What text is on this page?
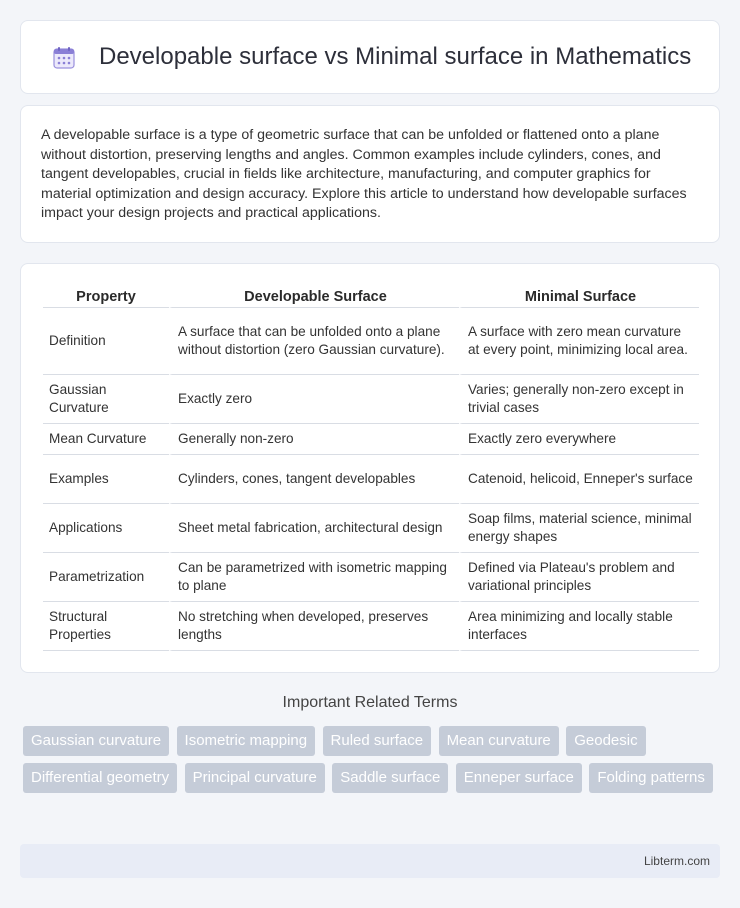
Developable surface vs Minimal surface in Mathematics

A developable surface is a type of geometric surface that can be unfolded or flattened onto a plane without distortion, preserving lengths and angles. Common examples include cylinders, cones, and tangent developables, crucial in fields like architecture, manufacturing, and computer graphics for material optimization and design accuracy. Explore this article to understand how developable surfaces impact your design projects and practical applications.

Property	Developable Surface	Minimal Surface
Definition	A surface that can be unfolded onto a plane without distortion (zero Gaussian curvature).	A surface with zero mean curvature at every point, minimizing local area.
Gaussian Curvature	Exactly zero	Varies; generally non-zero except in trivial cases
Mean Curvature	Generally non-zero	Exactly zero everywhere
Examples	Cylinders, cones, tangent developables	Catenoid, helicoid, Enneper's surface
Applications	Sheet metal fabrication, architectural design	Soap films, material science, minimal energy shapes
Parametrization	Can be parametrized with isometric mapping to plane	Defined via Plateau's problem and variational principles
Structural Properties	No stretching when developed, preserves lengths	Area minimizing and locally stable interfaces
Important Related Terms
Gaussian curvature Isometric mapping Ruled surface Mean curvature Geodesic Differential geometry Principal curvature Saddle surface Enneper surface Folding patterns
Libterm.com
